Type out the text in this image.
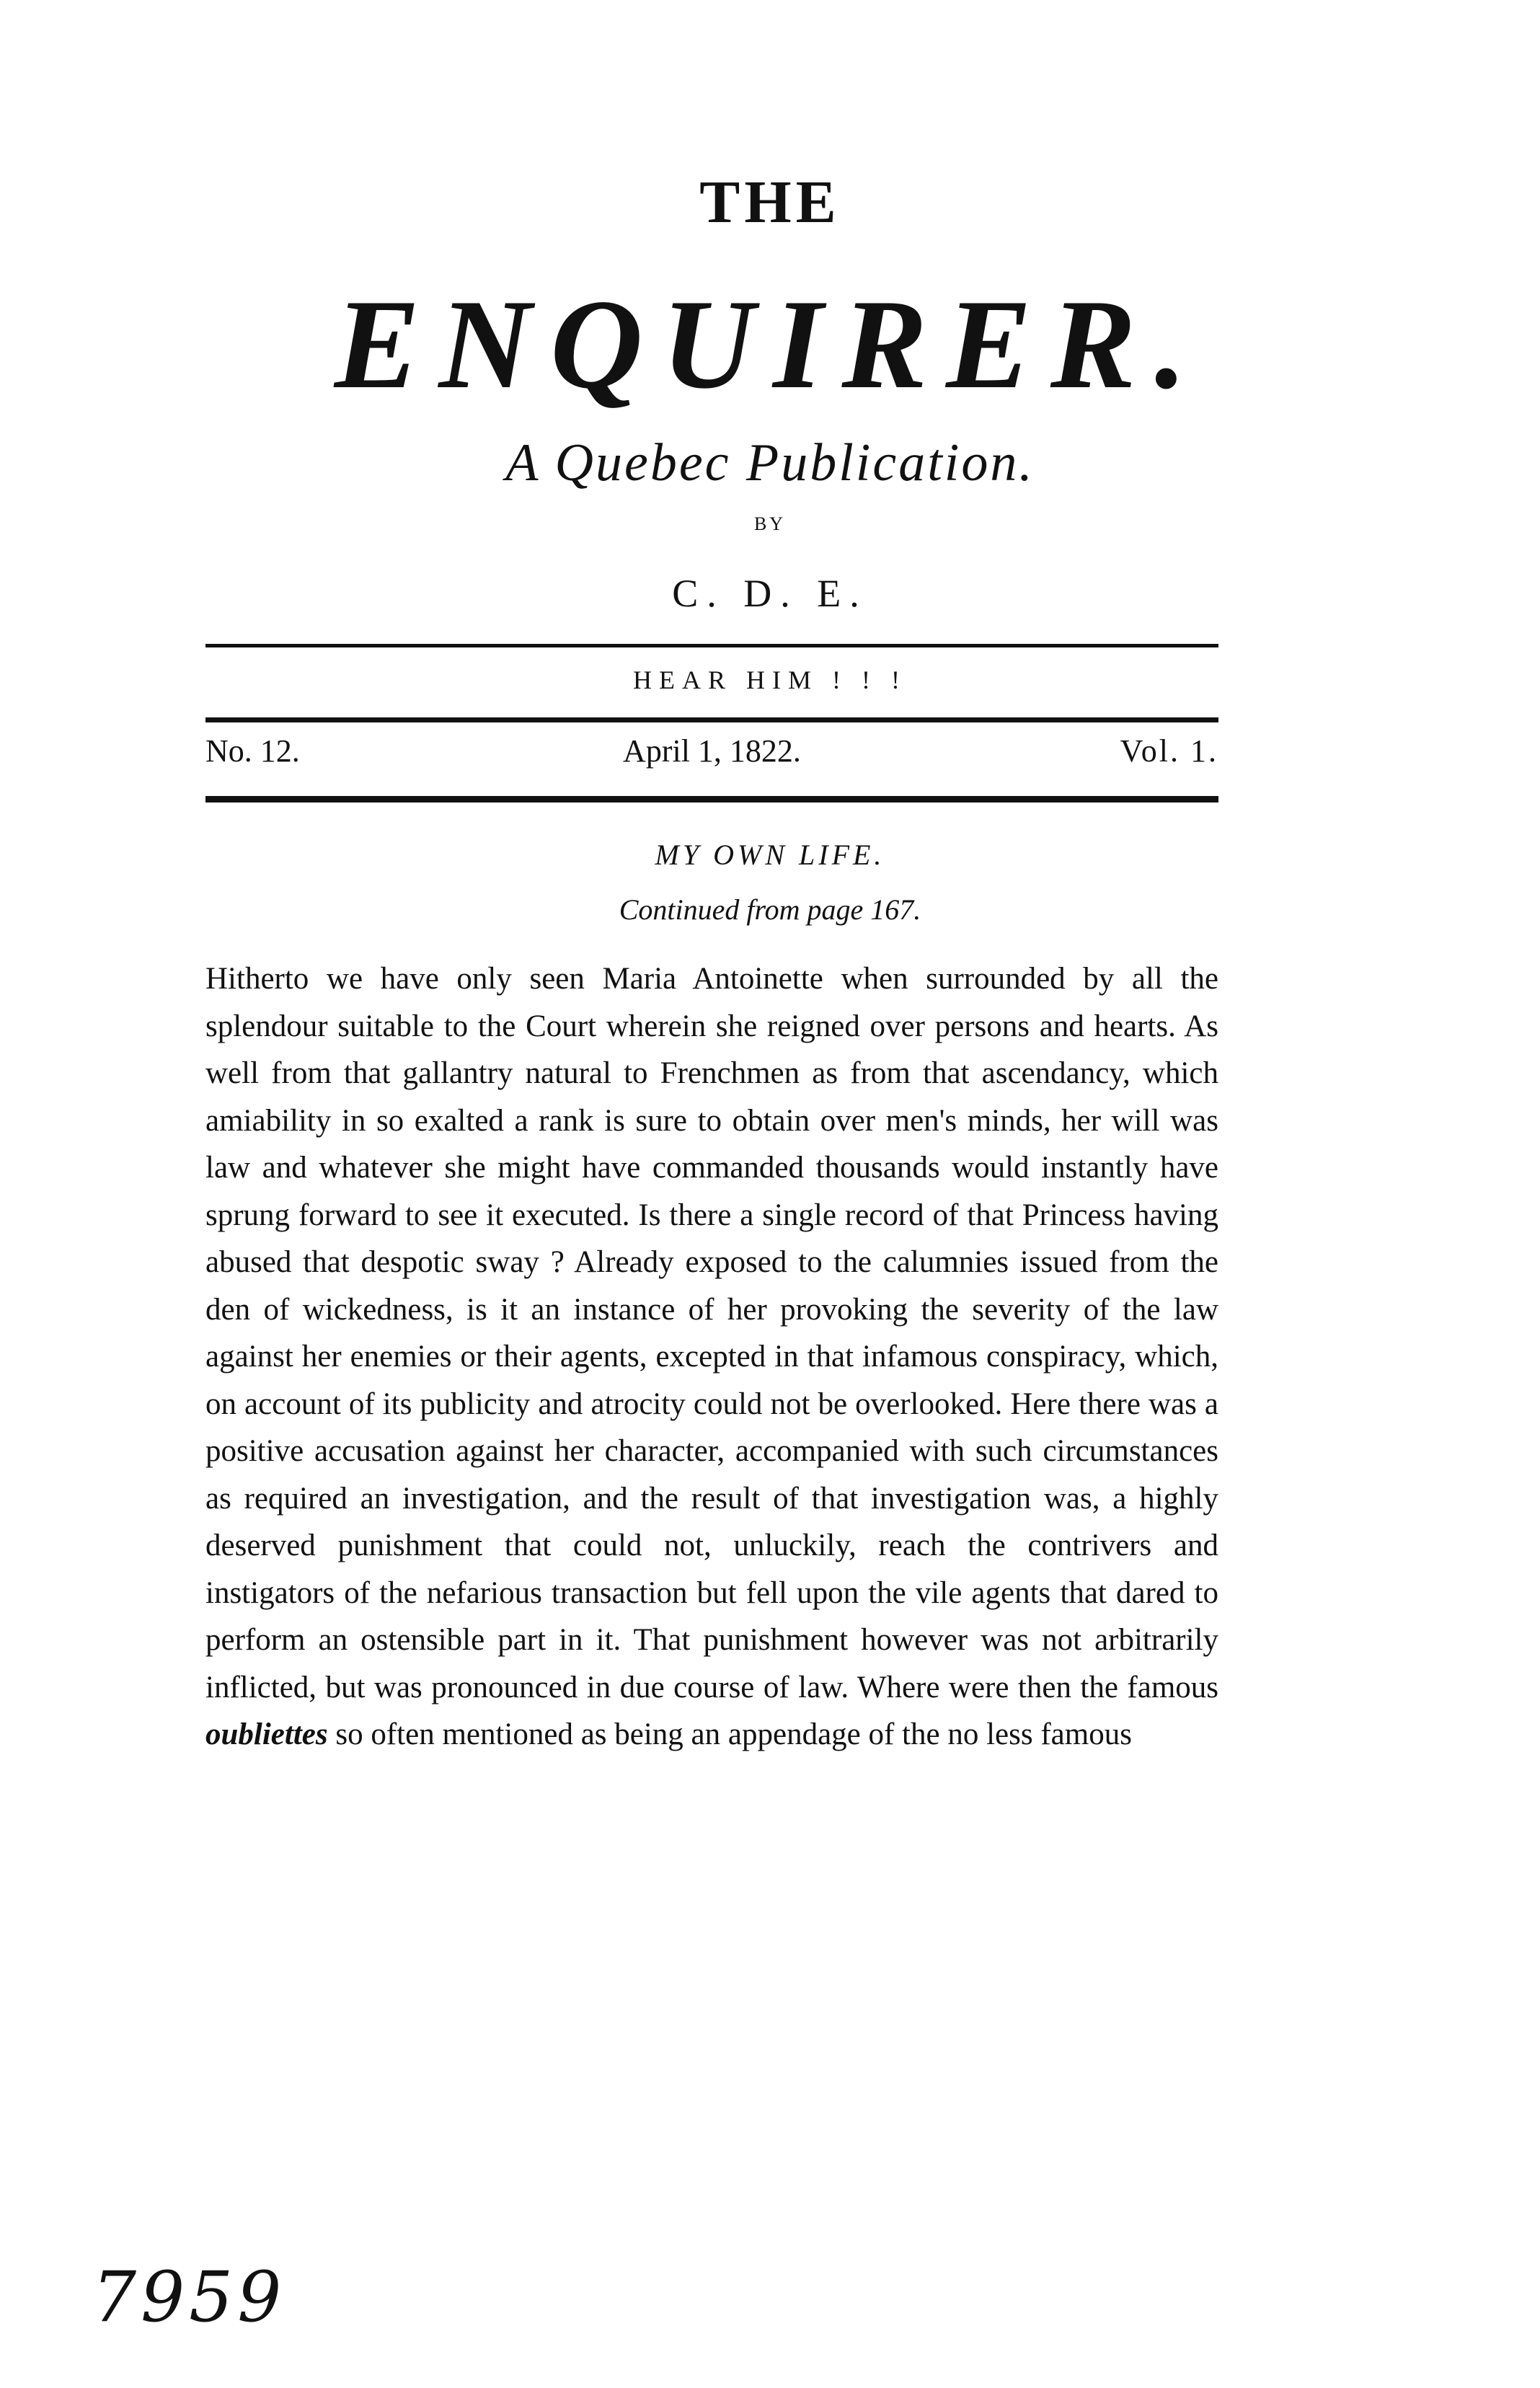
THE
ENQUIRER.
A Quebec Publication.
BY
C. D. E.
HEAR HIM ! ! !
No. 12.	April 1, 1822.	Vol. 1.
MY OWN LIFE.
Continued from page 167.

Hitherto we have only seen Maria Antoinette when surrounded by all the splendour suitable to the Court wherein she reigned over persons and hearts. As well from that gallantry natural to Frenchmen as from that ascendancy, which amiability in so exalted a rank is sure to obtain over men's minds, her will was law and whatever she might have commanded thousands would instantly have sprung forward to see it executed. Is there a single record of that Princess having abused that despotic sway ? Already exposed to the calumnies issued from the den of wickedness, is it an instance of her provoking the severity of the law against her enemies or their agents, excepted in that infamous conspiracy, which, on account of its publicity and atrocity could not be overlooked. Here there was a positive accusation against her character, accompanied with such circumstances as required an investigation, and the result of that investigation was, a highly deserved punishment that could not, unluckily, reach the contrivers and instigators of the nefarious transaction but fell upon the vile agents that dared to perform an ostensible part in it. That punishment however was not arbitrarily inflicted, but was pronounced in due course of law. Where were then the famous oubliettes so often mentioned as being an appendage of the no less famous

7959
